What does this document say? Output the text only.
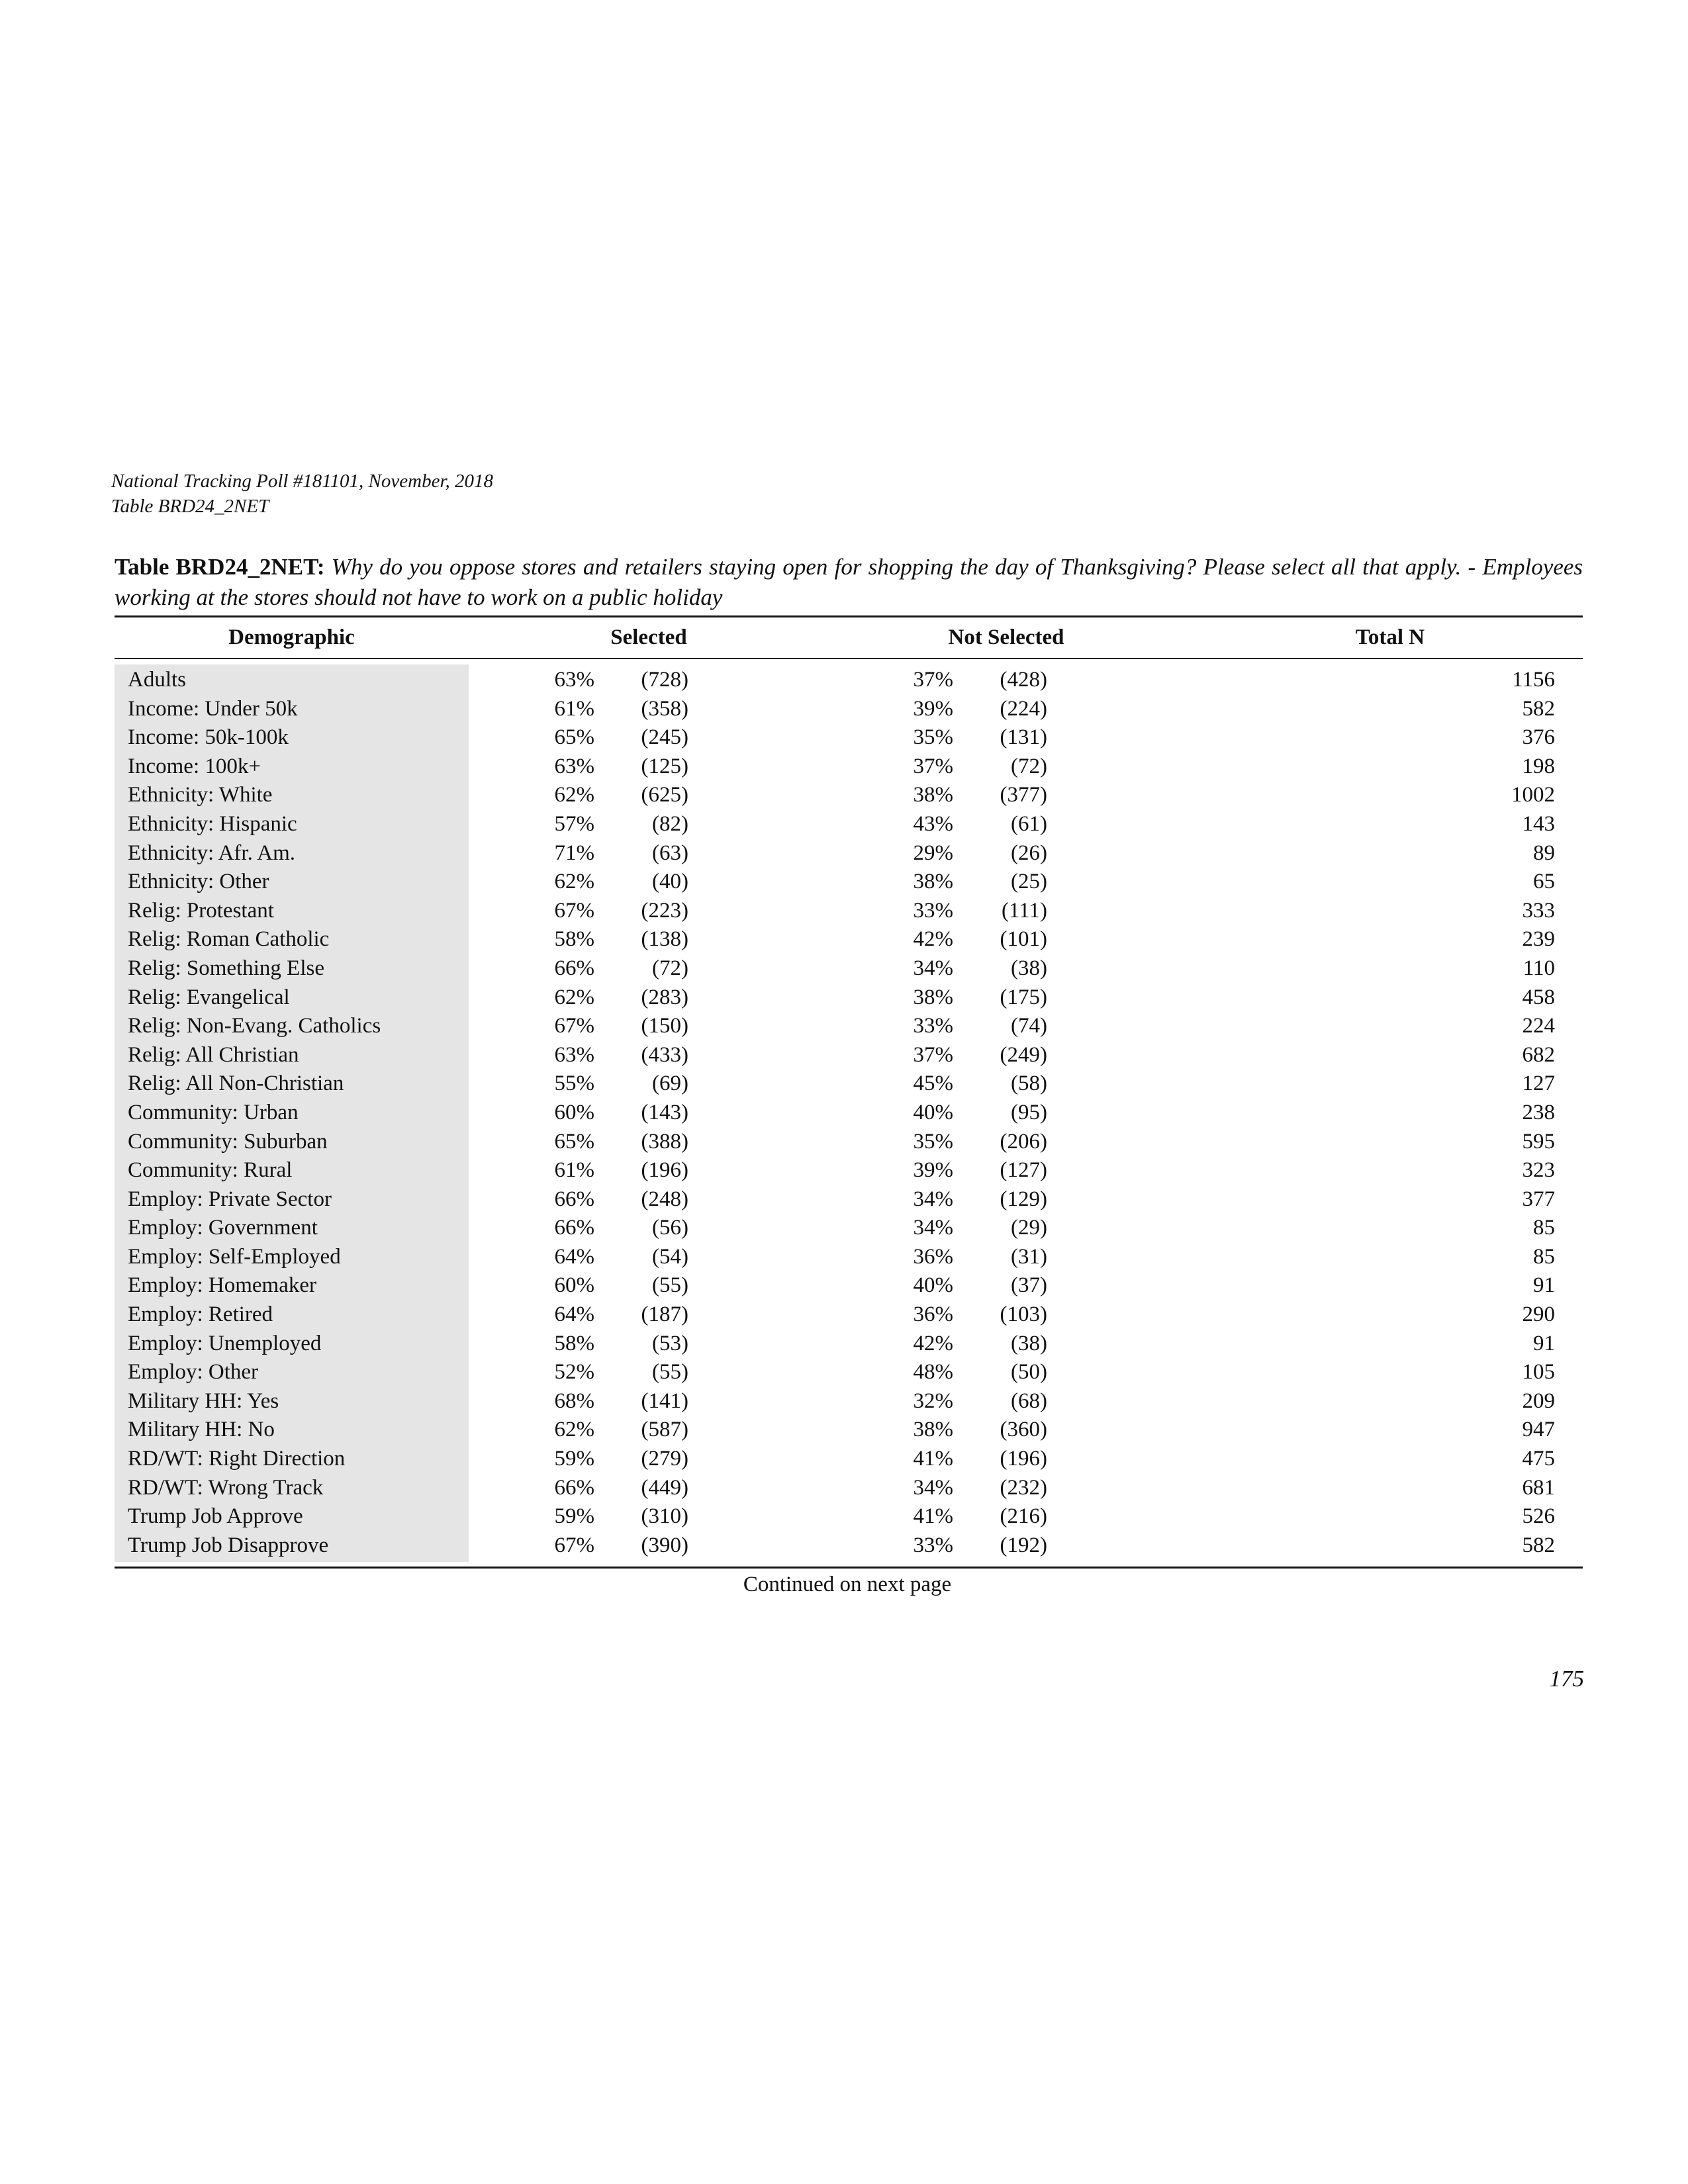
National Tracking Poll #181101, November, 2018
Table BRD24_2NET
Table BRD24_2NET: Why do you oppose stores and retailers staying open for shopping the day of Thanksgiving? Please select all that apply. - Employees working at the stores should not have to work on a public holiday
Demographic	Selected	Not Selected	Total N
Adults	63% (728)	37% (428)	1156
Income: Under 50k	61% (358)	39% (224)	582
Income: 50k-100k	65% (245)	35% (131)	376
Income: 100k+	63% (125)	37%	(72)	198
Ethnicity: White	62% (625)	38% (377)	1002
Ethnicity: Hispanic	57%	(82)	43%	(61)	143
Ethnicity: Afr. Am.	71%	(63)	29%	(26)	89
Ethnicity: Other	62%	(40)	38%	(25)	65
Relig: Protestant	67% (223)	33% (111)	333
Relig: Roman Catholic	58% (138)	42% (101)	239
Relig: Something Else	66%	(72)	34%	(38)	110
Relig: Evangelical	62% (283)	38% (175)	458
Relig: Non-Evang. Catholics	67% (150)	33%	(74)	224
Relig: All Christian	63% (433)	37% (249)	682
Relig: All Non-Christian	55%	(69)	45%	(58)	127
Community: Urban	60% (143)	40%	(95)	238
Community: Suburban	65% (388)	35% (206)	595
Community: Rural	61% (196)	39% (127)	323
Employ: Private Sector	66% (248)	34% (129)	377
Employ: Government	66%	(56)	34%	(29)	85
Employ: Self-Employed	64%	(54)	36%	(31)	85
Employ: Homemaker	60%	(55)	40%	(37)	91
Employ: Retired	64% (187)	36% (103)	290
Employ: Unemployed	58%	(53)	42%	(38)	91
Employ: Other	52%	(55)	48%	(50)	105
Military HH: Yes	68% (141)	32%	(68)	209
Military HH: No	62% (587)	38% (360)	947
RD/WT: Right Direction	59% (279)	41% (196)	475
RD/WT: Wrong Track	66% (449)	34% (232)	681
Trump Job Approve	59% (310)	41% (216)	526
Trump Job Disapprove	67% (390)	33% (192)	582
Continued on next page
175
